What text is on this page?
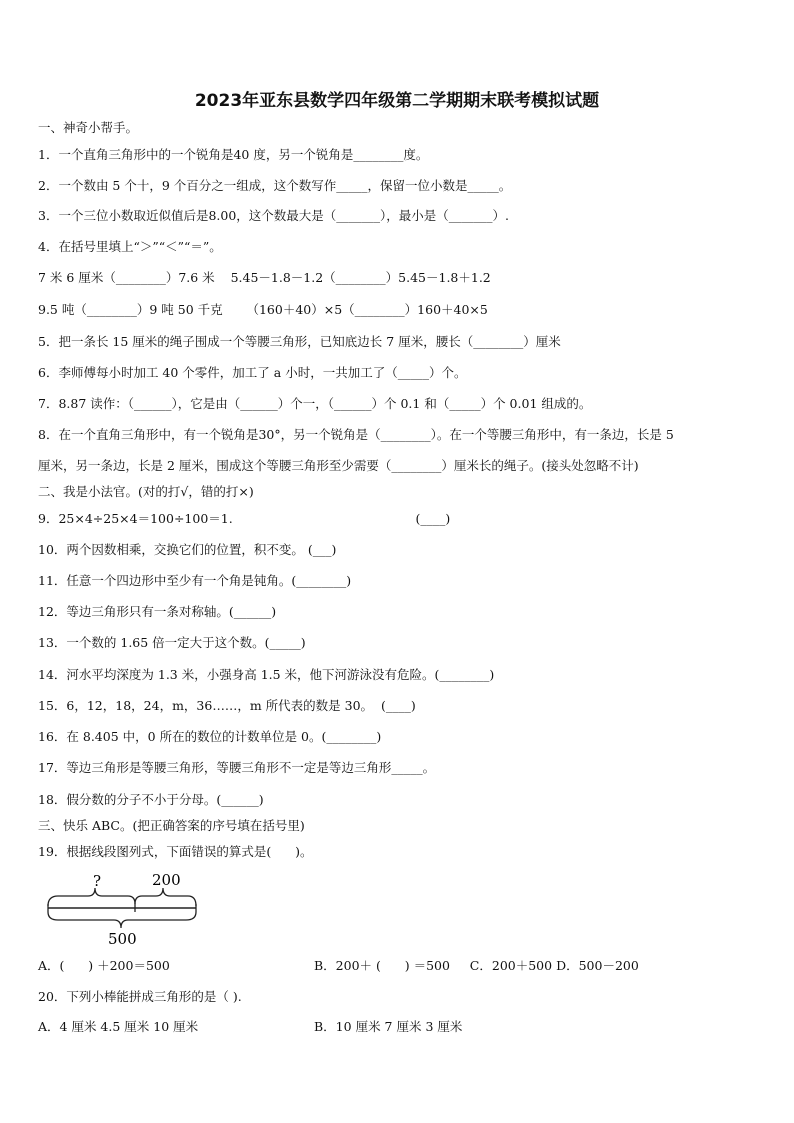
2023年亚东县数学四年级第二学期期末联考模拟试题
一、神奇小帮手。
1．一个直角三角形中的一个锐角是40 度，另一个锐角是________度。
2．一个数由 5 个十，9 个百分之一组成，这个数写作_____，保留一位小数是_____。
3．一个三位小数取近似值后是8.00，这个数最大是（_______），最小是（_______）.
4．在括号里填上“＞”“＜”“＝”。
7 米 6 厘米（________）7.6 米    5.45－1.8－1.2（________）5.45－1.8＋1.2
9.5 吨（________）9 吨 50 千克      （160＋40）×5（________）160＋40×5
5．把一条长 15 厘米的绳子围成一个等腰三角形，已知底边长 7 厘米，腰长（________）厘米
6．李师傅每小时加工 40 个零件，加工了 a 小时，一共加工了（_____）个。
7．8.87 读作：（______），它是由（______）个一，（______）个 0.1 和（_____）个 0.01 组成的。
8．在一个直角三角形中，有一个锐角是30°，另一个锐角是（________）。在一个等腰三角形中，有一条边，长是 5
厘米，另一条边，长是 2 厘米，围成这个等腰三角形至少需要（________）厘米长的绳子。(接头处忽略不计)
二、我是小法官。(对的打√，错的打×)
9．25×4÷25×4＝100÷100＝1.                                              (____)
10．两个因数相乘，交换它们的位置，积不变。 (___)
11．任意一个四边形中至少有一个角是钝角。(________)
12．等边三角形只有一条对称轴。(______)
13．一个数的 1.65 倍一定大于这个数。(_____)
14．河水平均深度为 1.3 米，小强身高 1.5 米，他下河游泳没有危险。(________)
15．6，12，18，24，m，36……，m 所代表的数是 30。  (____)
16．在 8.405 中，0 所在的数位的计数单位是 0。(________)
17．等边三角形是等腰三角形，等腰三角形不一定是等边三角形_____。
18．假分数的分子不小于分母。(______)
三、快乐 ABC。(把正确答案的序号填在括号里)
19．根据线段图列式，下面错误的算式是(      )。
?	200
500
A．(      ) ＋200＝500	B．200＋ (      ) ＝500     C．200＋500 D．500－200
20．下列小棒能拼成三角形的是（ ).
A．4 厘米 4.5 厘米 10 厘米	B．10 厘米 7 厘米 3 厘米
